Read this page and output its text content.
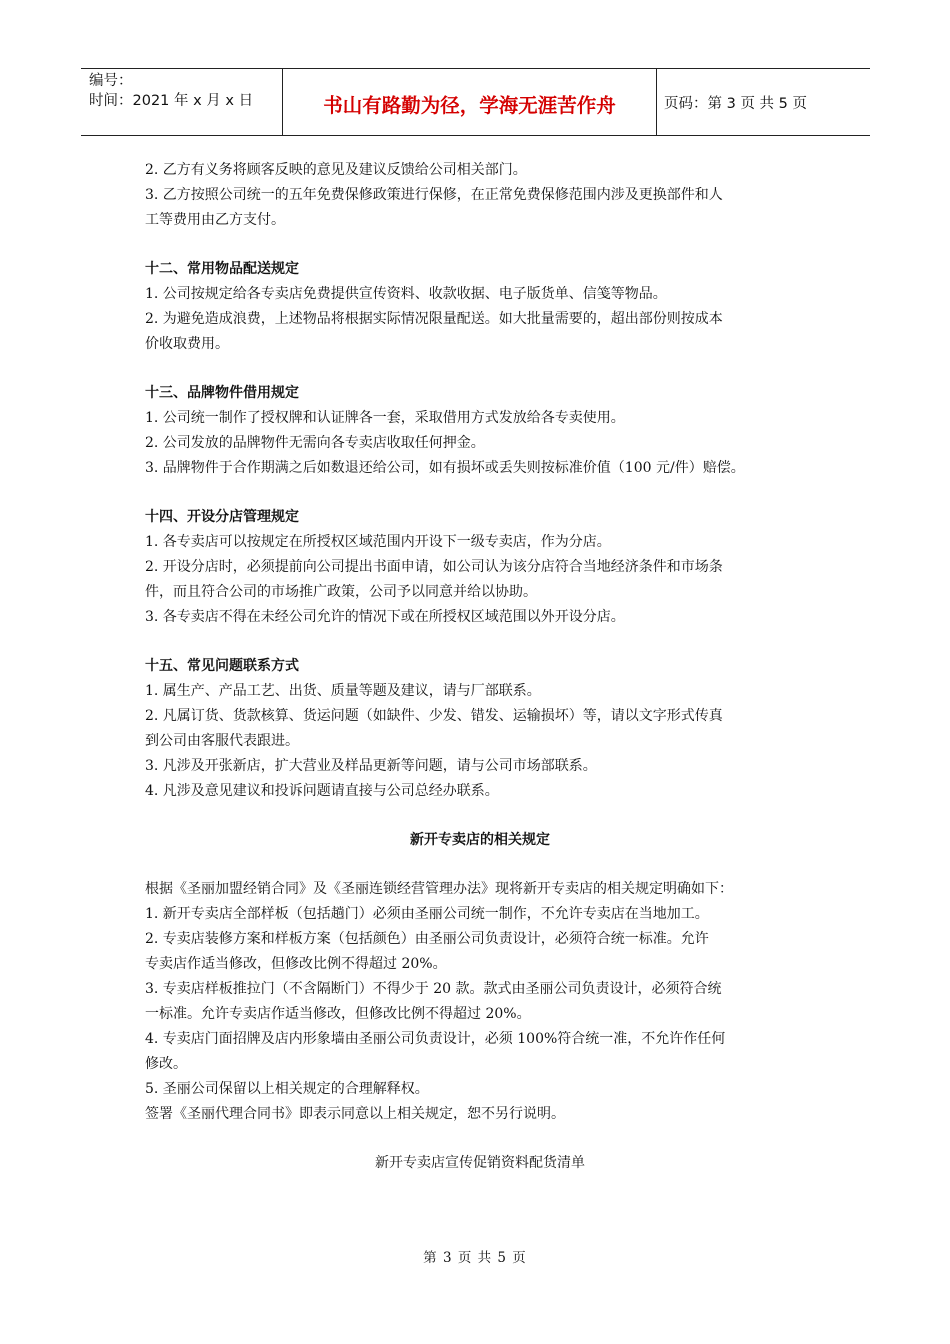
编号：
时间：2021 年 x 月 x 日	书山有路勤为径，学海无涯苦作舟	页码：第 3 页 共 5 页

2. 乙方有义务将顾客反映的意见及建议反馈给公司相关部门。

3. 乙方按照公司统一的五年免费保修政策进行保修，在正常免费保修范围内涉及更换部件和人

工等费用由乙方支付。

十二、常用物品配送规定

1. 公司按规定给各专卖店免费提供宣传资料、收款收据、电子版货单、信笺等物品。

2. 为避免造成浪费，上述物品将根据实际情况限量配送。如大批量需要的，超出部份则按成本

价收取费用。

十三、品牌物件借用规定

1. 公司统一制作了授权牌和认证牌各一套，采取借用方式发放给各专卖使用。

2. 公司发放的品牌物件无需向各专卖店收取任何押金。

3. 品牌物件于合作期满之后如数退还给公司，如有损坏或丢失则按标准价值（100 元/件）赔偿。

十四、开设分店管理规定

1. 各专卖店可以按规定在所授权区域范围内开设下一级专卖店，作为分店。

2. 开设分店时，必须提前向公司提出书面申请，如公司认为该分店符合当地经济条件和市场条

件，而且符合公司的市场推广政策，公司予以同意并给以协助。

3. 各专卖店不得在未经公司允许的情况下或在所授权区域范围以外开设分店。

十五、常见问题联系方式

1. 属生产、产品工艺、出货、质量等题及建议，请与厂部联系。

2. 凡属订货、货款核算、货运问题（如缺件、少发、错发、运输损坏）等，请以文字形式传真

到公司由客服代表跟进。

3. 凡涉及开张新店，扩大营业及样品更新等问题，请与公司市场部联系。

4. 凡涉及意见建议和投诉问题请直接与公司总经办联系。

新开专卖店的相关规定

根据《圣丽加盟经销合同》及《圣丽连锁经营管理办法》现将新开专卖店的相关规定明确如下：

1. 新开专卖店全部样板（包括趟门）必须由圣丽公司统一制作，不允许专卖店在当地加工。

2. 专卖店装修方案和样板方案（包括颜色）由圣丽公司负责设计，必须符合统一标准。允许

专卖店作适当修改，但修改比例不得超过 20%。

3. 专卖店样板推拉门（不含隔断门）不得少于 20 款。款式由圣丽公司负责设计，必须符合统

一标准。允许专卖店作适当修改，但修改比例不得超过 20%。

4. 专卖店门面招牌及店内形象墙由圣丽公司负责设计，必须 100%符合统一准，不允许作任何

修改。

5. 圣丽公司保留以上相关规定的合理解释权。

签署《圣丽代理合同书》即表示同意以上相关规定，恕不另行说明。

新开专卖店宣传促销资料配货清单

第 3 页 共 5 页
